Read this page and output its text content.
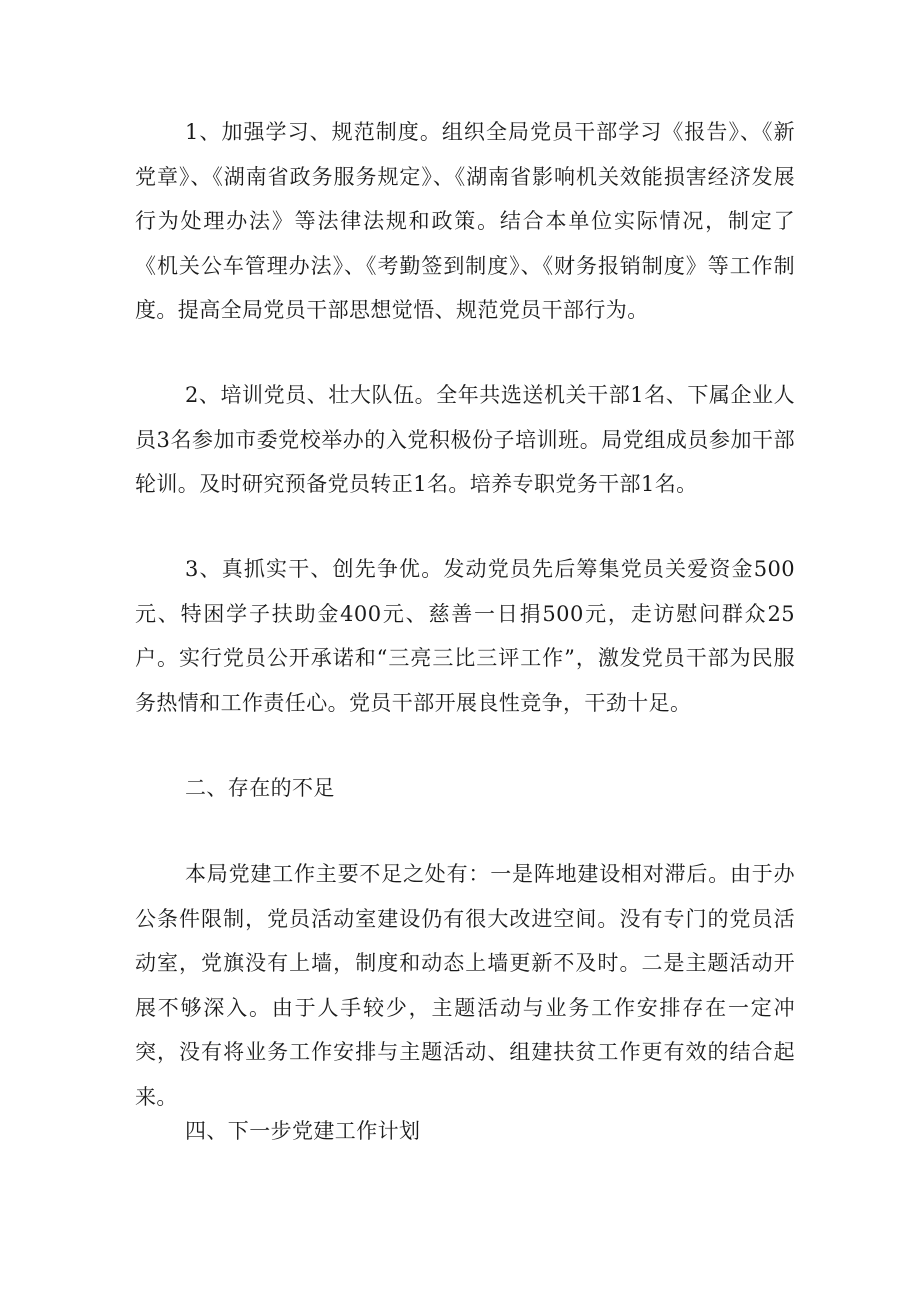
1、加强学习、规范制度。组织全局党员干部学习《报告》、《新党章》、《湖南省政务服务规定》、《湖南省影响机关效能损害经济发展行为处理办法》等法律法规和政策。结合本单位实际情况，制定了《机关公车管理办法》、《考勤签到制度》、《财务报销制度》等工作制度。提高全局党员干部思想觉悟、规范党员干部行为。

2、培训党员、壮大队伍。全年共选送机关干部1名、下属企业人员3名参加市委党校举办的入党积极份子培训班。局党组成员参加干部轮训。及时研究预备党员转正1名。培养专职党务干部1名。

3、真抓实干、创先争优。发动党员先后筹集党员关爱资金500元、特困学子扶助金400元、慈善一日捐500元，走访慰问群众25户。实行党员公开承诺和“三亮三比三评工作”，激发党员干部为民服务热情和工作责任心。党员干部开展良性竞争，干劲十足。

二、存在的不足

本局党建工作主要不足之处有：一是阵地建设相对滞后。由于办公条件限制，党员活动室建设仍有很大改进空间。没有专门的党员活动室，党旗没有上墙，制度和动态上墙更新不及时。二是主题活动开展不够深入。由于人手较少，主题活动与业务工作安排存在一定冲突，没有将业务工作安排与主题活动、组建扶贫工作更有效的结合起来。

四、下一步党建工作计划
